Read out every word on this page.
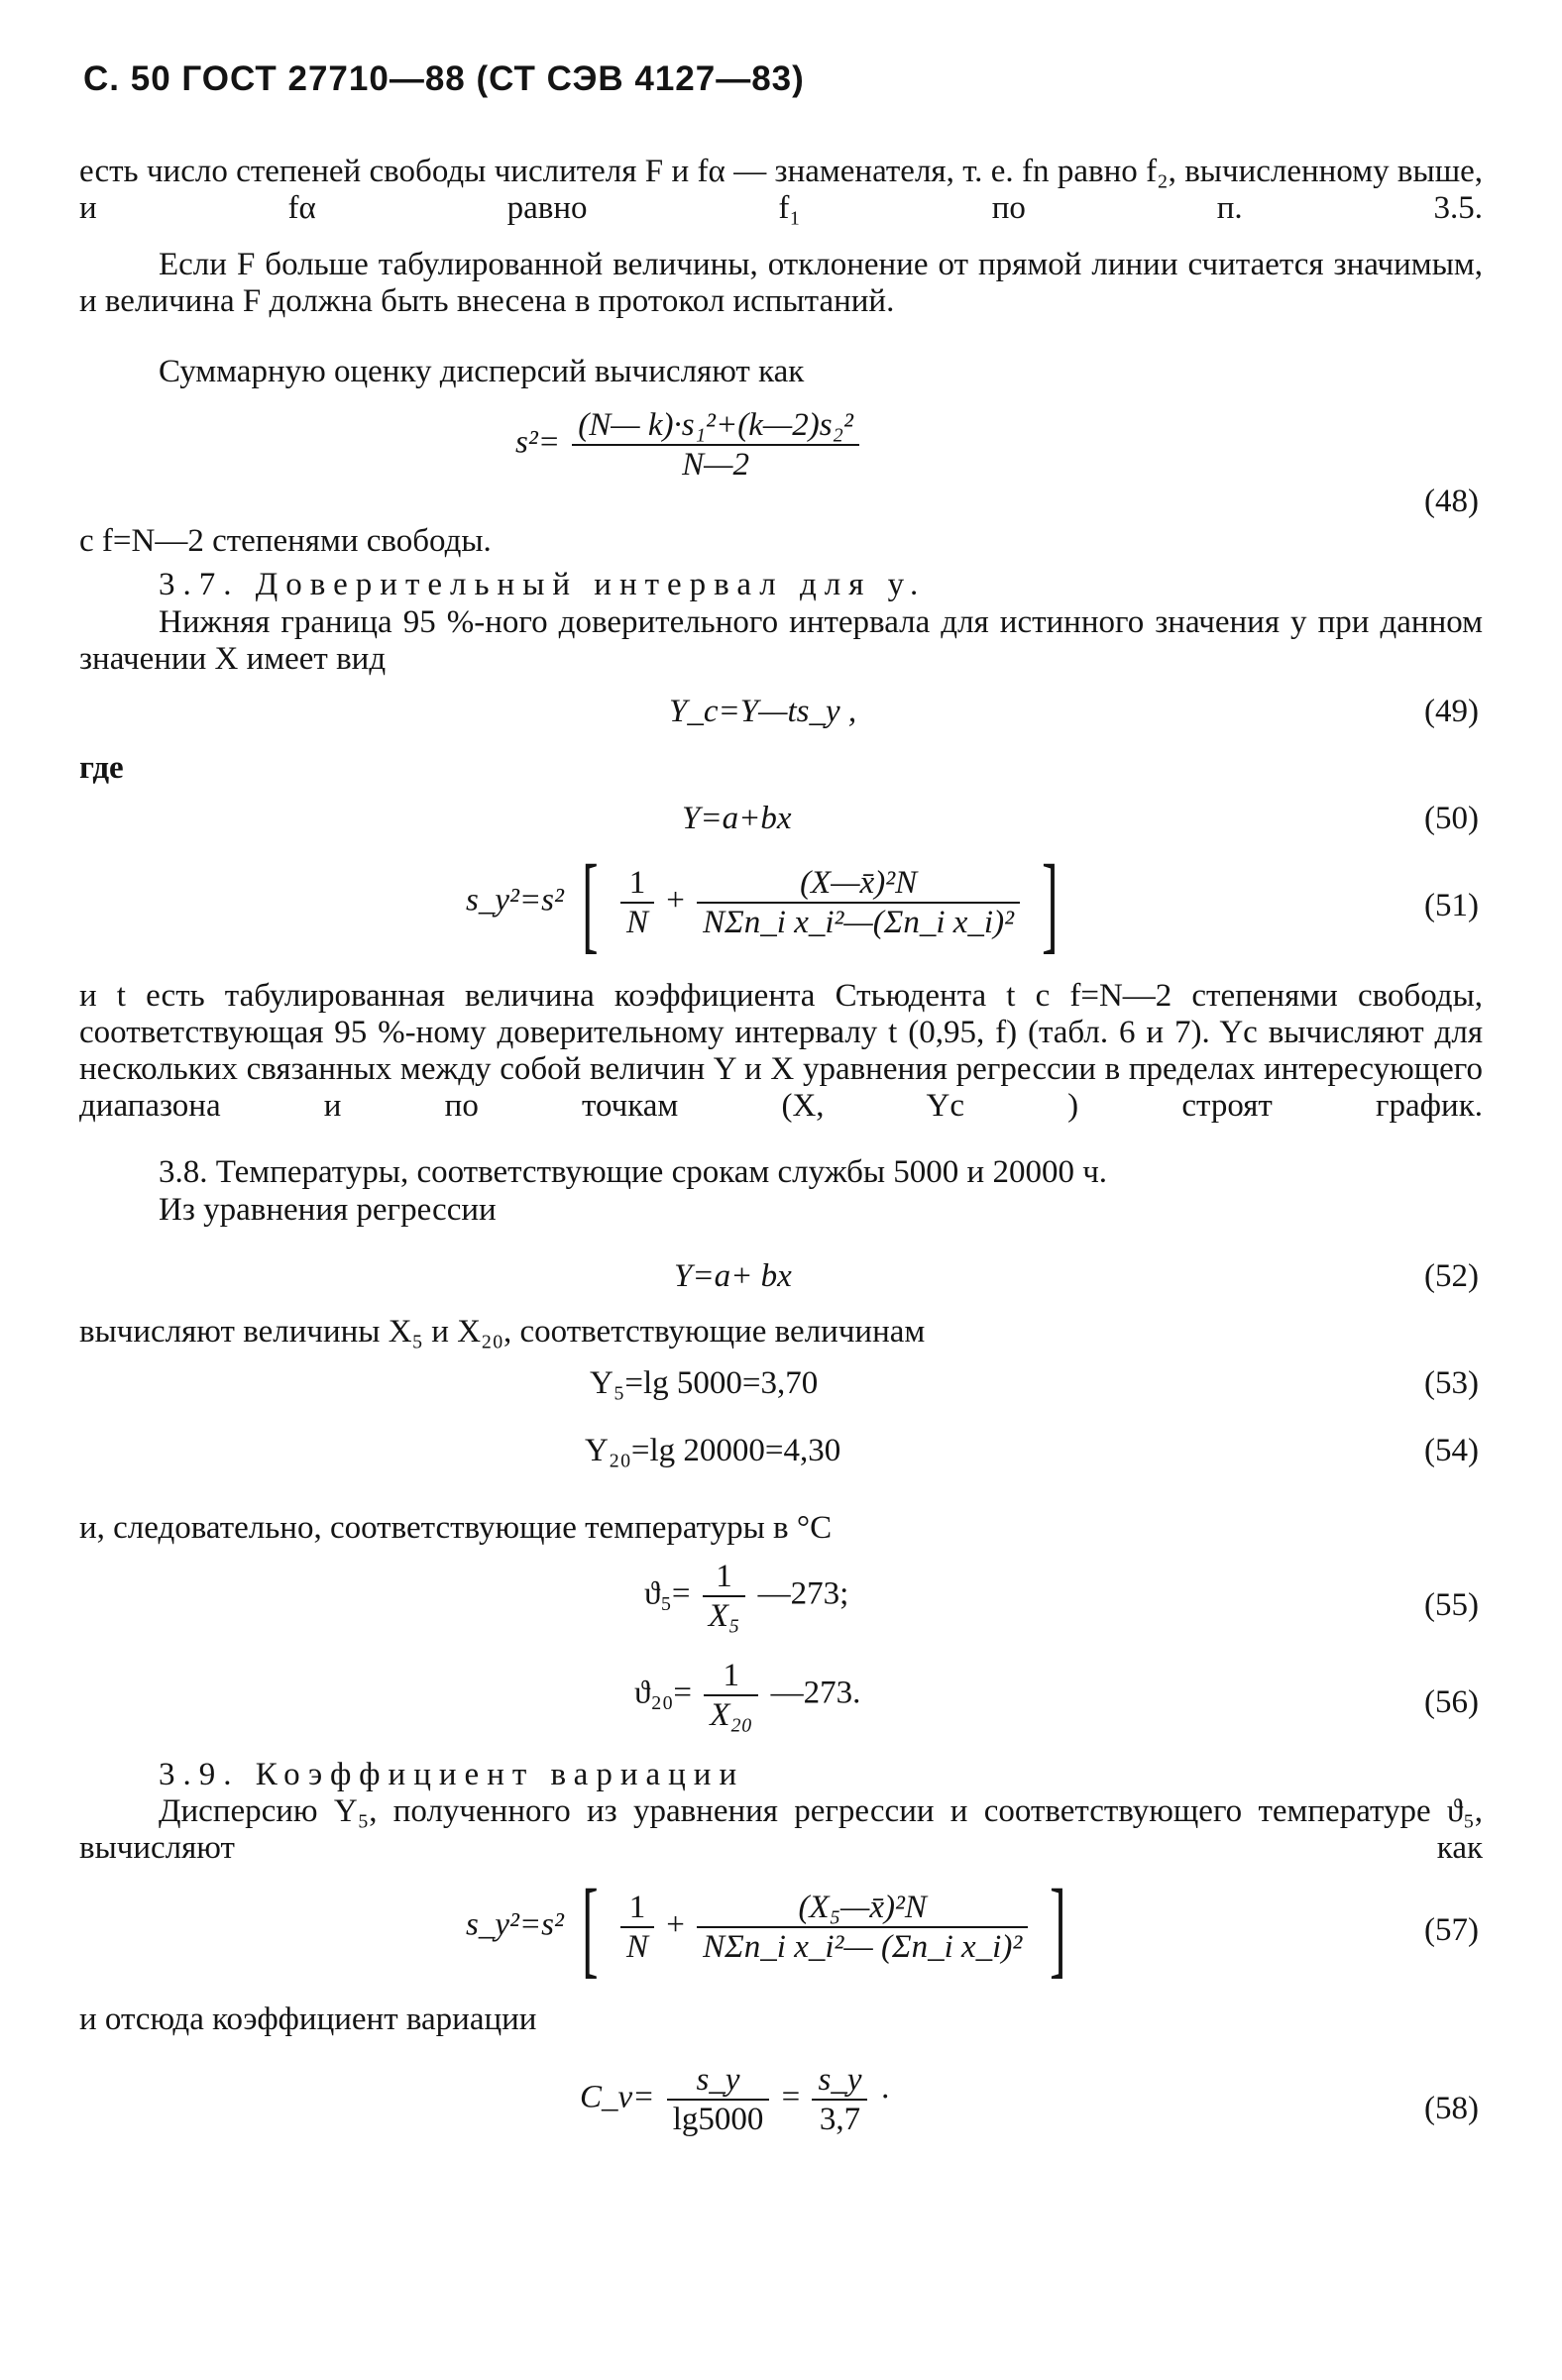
С. 50 ГОСТ 27710—88 (СТ СЭВ 4127—83)
есть число степеней свободы числителя F и fα — знаменателя, т. е. fn равно f₂, вычисленному выше, и fα равно f₁ по п. 3.5.
Если F больше табулированной величины, отклонение от прямой линии считается значимым, и величина F должна быть внесена в протокол испытаний.
Суммарную оценку дисперсий вычисляют как
$s^2= \frac{\text{(N— k)·s₁²+(k—2)s₂²}}{N—2}$
(48)
с f=N—2 степенями свободы.
3.7. Доверительный интервал для y.
Нижняя граница 95 %-ного доверительного интервала для истинного значения y при данном значении X имеет вид
Y_c=Y—ts_y ,	(49)
где
Y=a+bx	(50)
s_y²=s² [ $\frac{1}{N} + \frac{\text{(X—x̄)²N}}{\text{NΣn\_i x\_i²—(Σn\_i x\_i)²}}$ ]	(51)
и t есть табулированная величина коэффициента Стьюдента t с f=N—2 степенями свободы, соответствующая 95 %-ному доверительному интервалу t (0,95, f) (табл. 6 и 7). Yc вычисляют для нескольких связанных между собой величин Y и X уравнения регрессии в пределах интересующего диапазона и по точкам (X, Yc ) строят график.
3.8. Температуры, соответствующие срокам службы 5000 и 20000 ч.
Из уравнения регрессии
Y=a+ bx	(52)
вычисляют величины X₅ и X₂₀, соответствующие величинам
Y₅=lg 5000=3,70	(53)
Y₂₀=lg 20000=4,30	(54)
и, следовательно, соответствующие температуры в °C
$ϑ_5= \frac{1}{\text{X₅}}$ —273;	(55)
$ϑ_{20}= \frac{1}{\text{X₂₀}}$ —273.	(56)
3.9. Коэффициент вариации
Дисперсию Y₅, полученного из уравнения регрессии и соответствующего температуре ϑ₅, вычисляют как
s_y²=s² [ $\frac{1}{N} + \frac{\text{(X₅—x̄)²N}}{\text{NΣn\_i x\_i²— (Σn\_i x\_i)²}}$ ]	(57)
и отсюда коэффициент вариации
C_v= $\frac{s\_y}{\lg 5000} = \frac{s\_y}{3,7}$ ·	(58)
